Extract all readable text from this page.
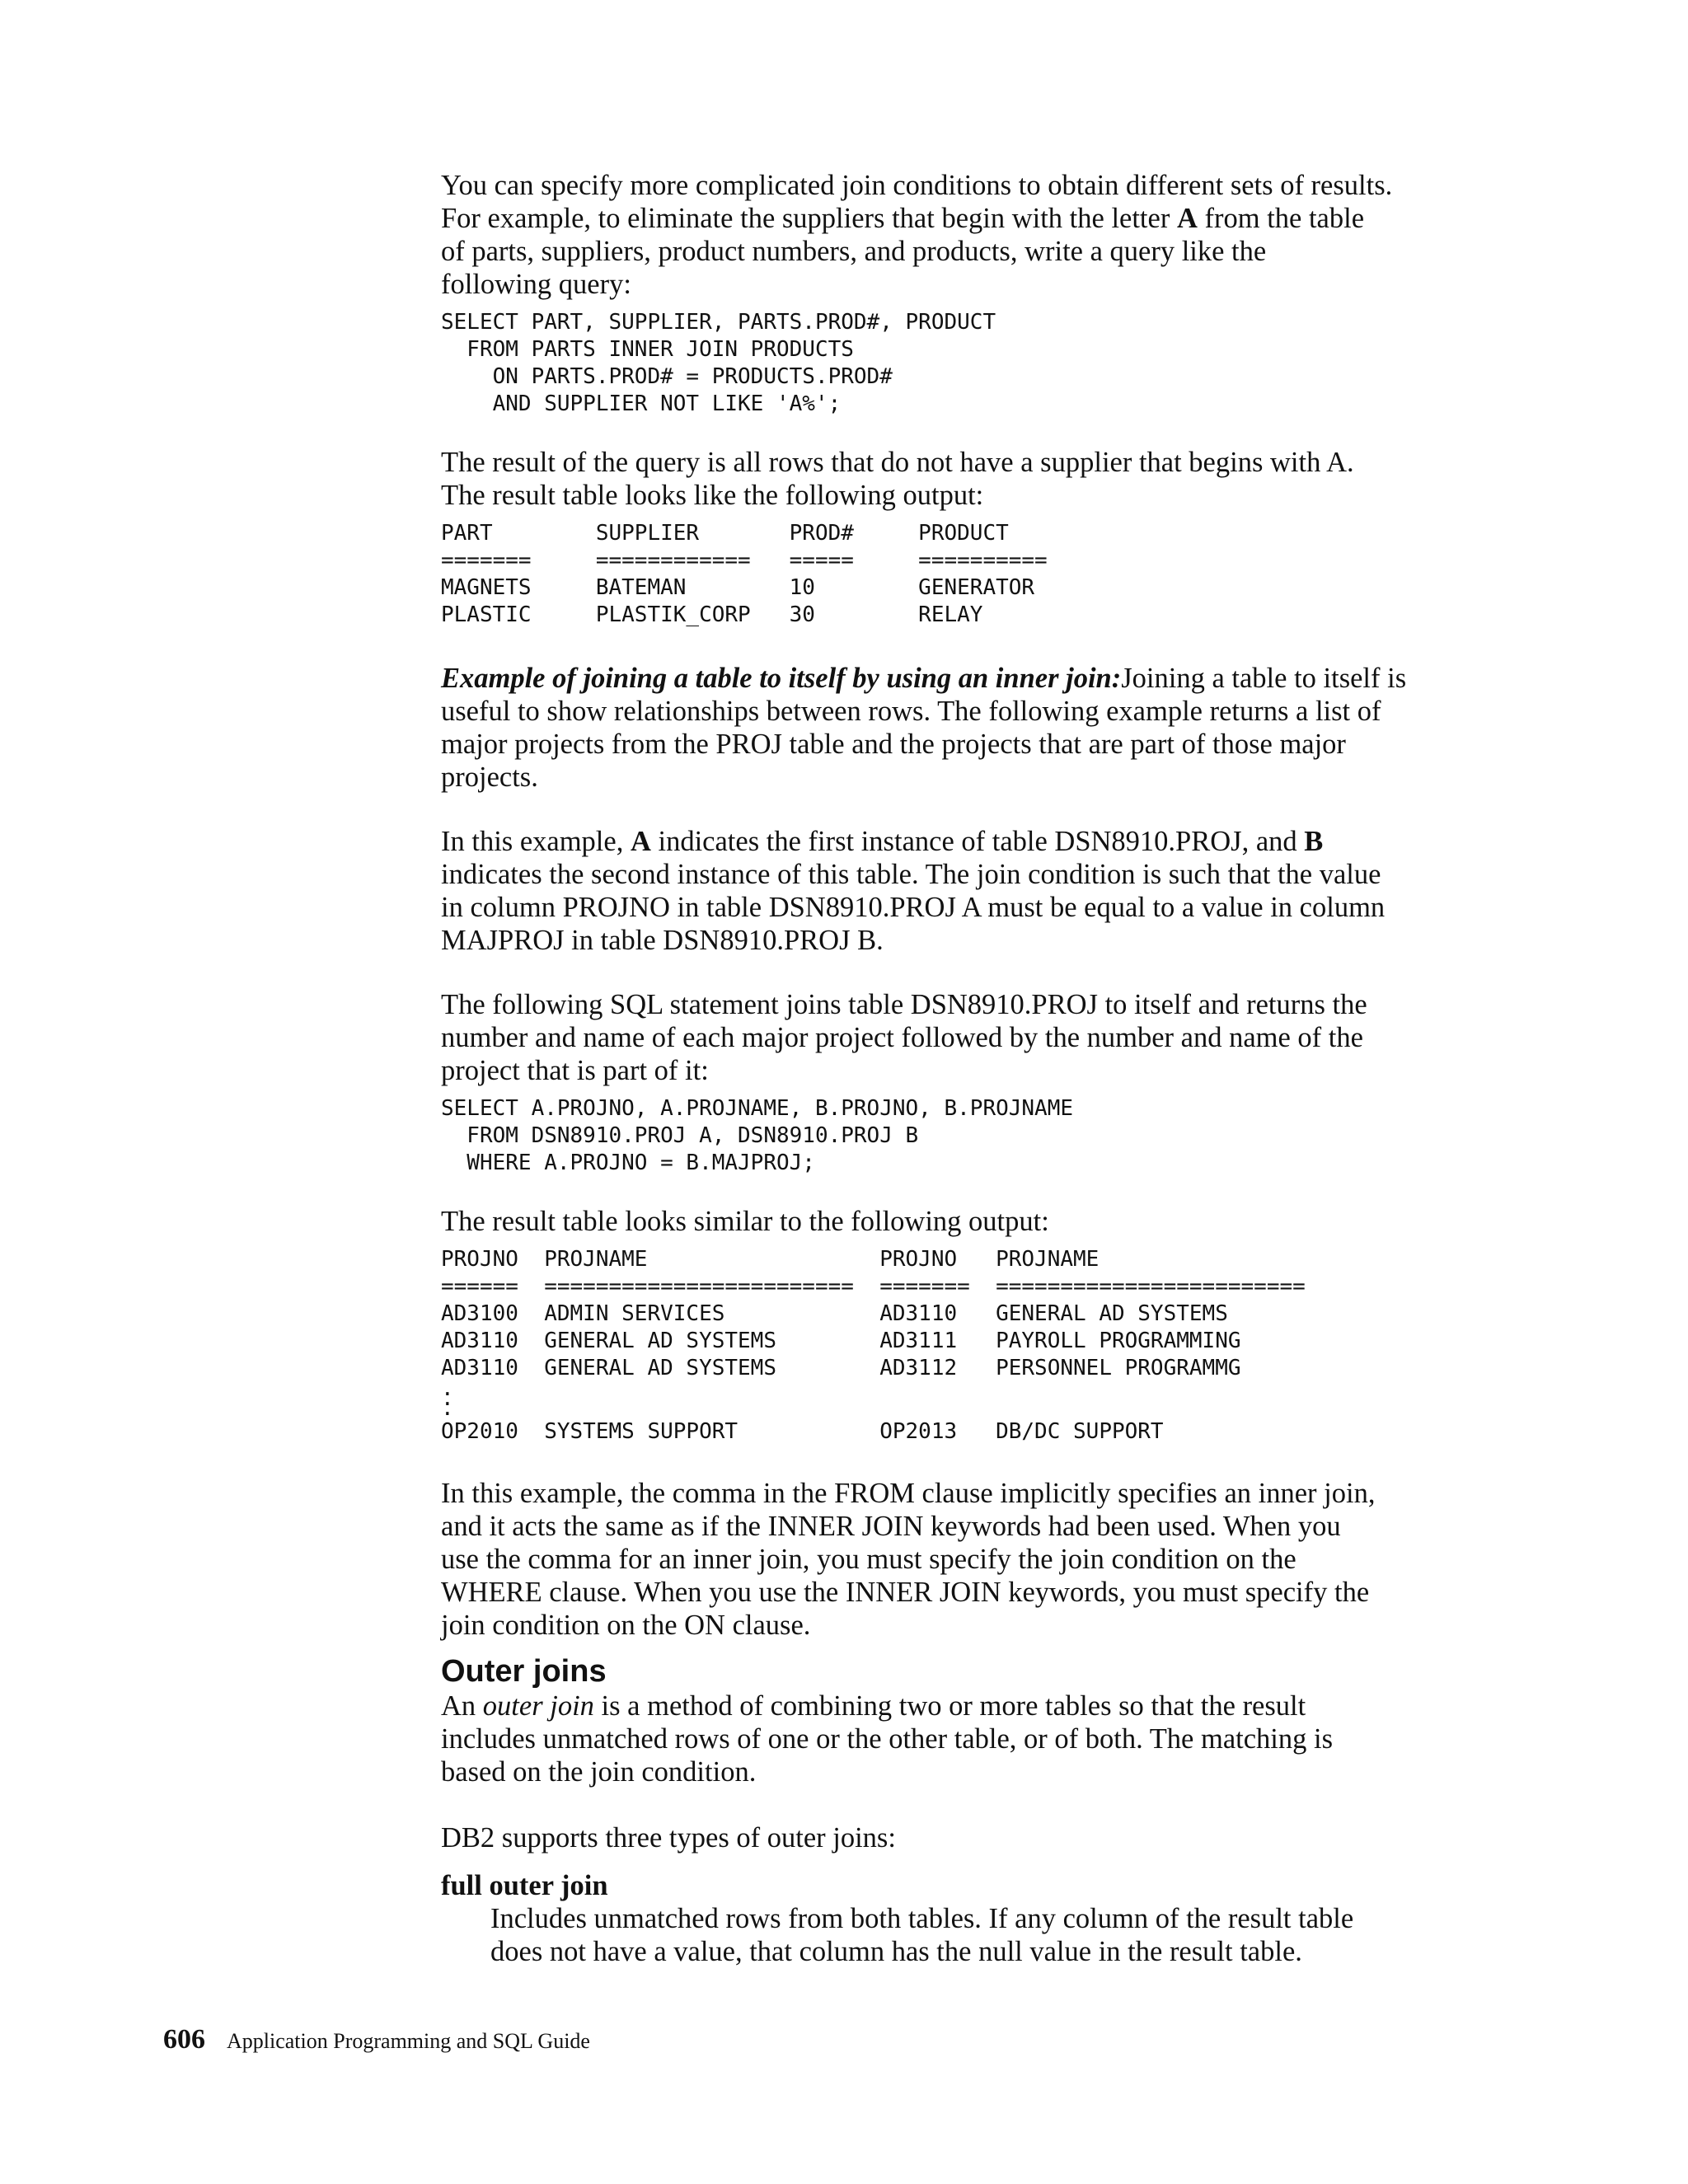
You can specify more complicated join conditions to obtain different sets of results.
For example, to eliminate the suppliers that begin with the letter A from the table
of parts, suppliers, product numbers, and products, write a query like the
following query:
SELECT PART, SUPPLIER, PARTS.PROD#, PRODUCT
FROM PARTS INNER JOIN PRODUCTS
ON PARTS.PROD# = PRODUCTS.PROD#
AND SUPPLIER NOT LIKE 'A%';
The result of the query is all rows that do not have a supplier that begins with A.
The result table looks like the following output:
PART        SUPPLIER       PROD#     PRODUCT
=======     ============   =====     ==========
MAGNETS     BATEMAN        10        GENERATOR
PLASTIC     PLASTIK_CORP   30        RELAY
Example of joining a table to itself by using an inner join:Joining a table to itself is
useful to show relationships between rows. The following example returns a list of
major projects from the PROJ table and the projects that are part of those major
projects.
In this example, A indicates the first instance of table DSN8910.PROJ, and B
indicates the second instance of this table. The join condition is such that the value
in column PROJNO in table DSN8910.PROJ A must be equal to a value in column
MAJPROJ in table DSN8910.PROJ B.
The following SQL statement joins table DSN8910.PROJ to itself and returns the
number and name of each major project followed by the number and name of the
project that is part of it:
SELECT A.PROJNO, A.PROJNAME, B.PROJNO, B.PROJNAME
FROM DSN8910.PROJ A, DSN8910.PROJ B
WHERE A.PROJNO = B.MAJPROJ;
The result table looks similar to the following output:
PROJNO  PROJNAME                  PROJNO   PROJNAME
======  ========================  =======  ========================
AD3100  ADMIN SERVICES            AD3110   GENERAL AD SYSTEMS
AD3110  GENERAL AD SYSTEMS        AD3111   PAYROLL PROGRAMMING
AD3110  GENERAL AD SYSTEMS        AD3112   PERSONNEL PROGRAMMG
.
.
.
OP2010  SYSTEMS SUPPORT           OP2013   DB/DC SUPPORT
In this example, the comma in the FROM clause implicitly specifies an inner join,
and it acts the same as if the INNER JOIN keywords had been used. When you
use the comma for an inner join, you must specify the join condition on the
WHERE clause. When you use the INNER JOIN keywords, you must specify the
join condition on the ON clause.
Outer joins
An outer join is a method of combining two or more tables so that the result
includes unmatched rows of one or the other table, or of both. The matching is
based on the join condition.
DB2 supports three types of outer joins:
full outer join
Includes unmatched rows from both tables. If any column of the result table
does not have a value, that column has the null value in the result table.
606 Application Programming and SQL Guide
